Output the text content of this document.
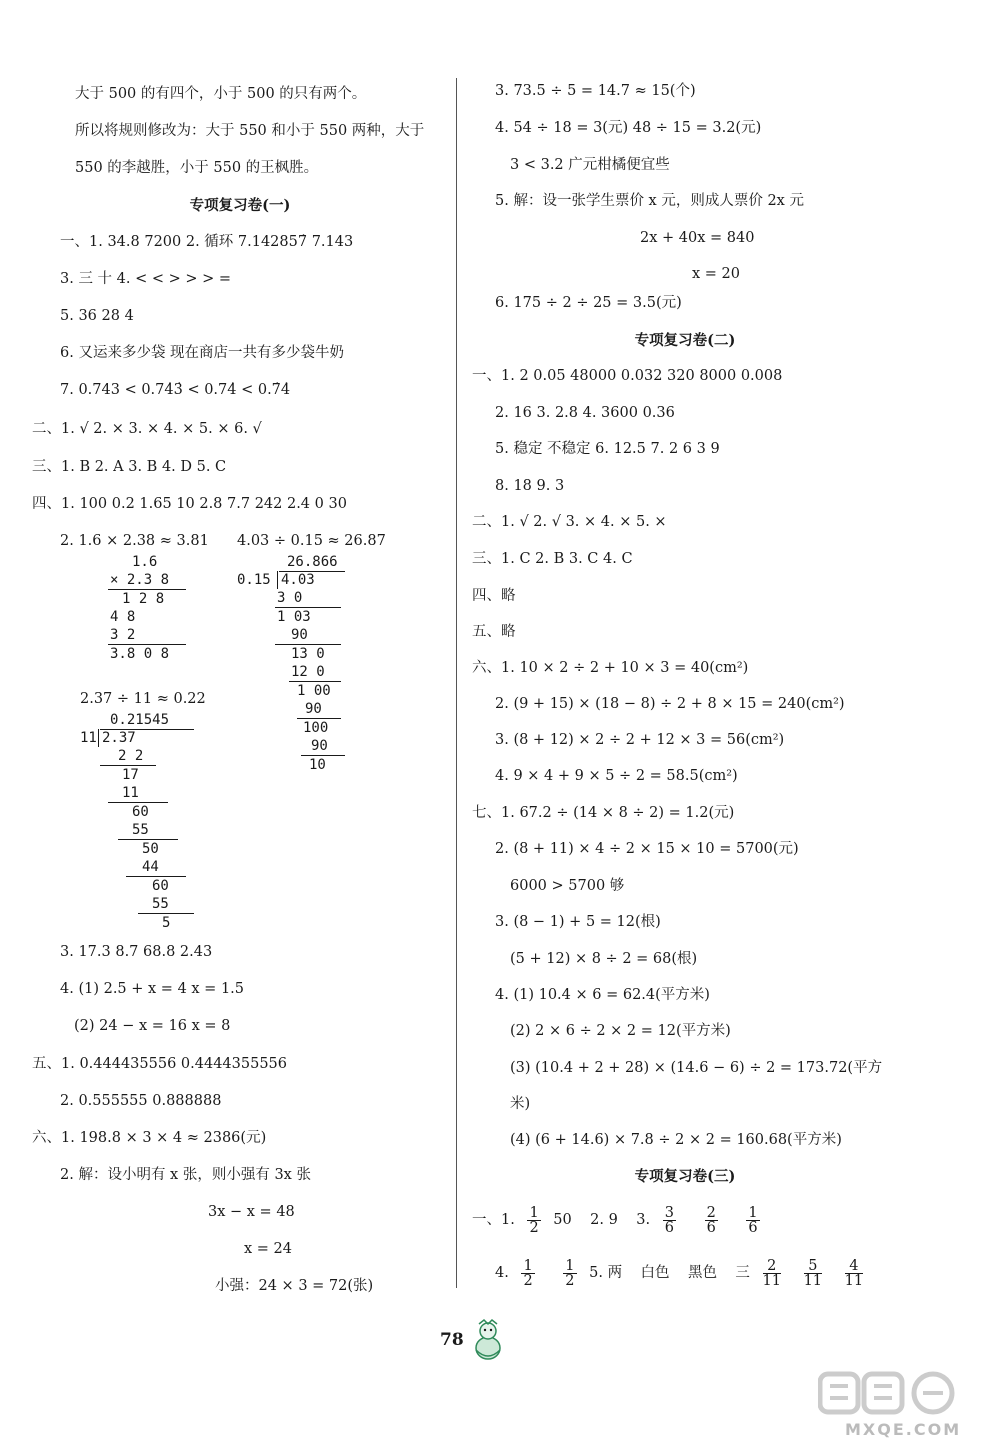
大于 500 的有四个，小于 500 的只有两个。
所以将规则修改为：大于 550 和小于 550 两种，大于
550 的李越胜，小于 550 的王枫胜。
专项复习卷(一)
一、1. 34.8 7200 2. 循环 7.142857̇ 7.143
3. 三 十 4. < < > > > =
5. 36 28 4
6. 又运来多少袋 现在商店一共有多少袋牛奶
7. 0.743 < 0.74̇3̇ < 0.74̇ < 0.7̇4̇
二、1. √ 2. × 3. × 4. × 5. × 6. √
三、1. B 2. A 3. B 4. D 5. C
四、1. 100 0.2 1.65 10 2.8 7.7 242 2.4 0 30
2. 1.6 × 2.38 ≈ 3.81 4.03 ÷ 0.15 ≈ 26.87
1.6
× 2.3 8
1 2 8
4 8
3 2
3.8 0 8
26.866
0.15 4.03
3 0
1 03
90
13 0
12 0
1 00
90
100
90
10
2.37 ÷ 11 ≈ 0.22
0.21545
11 2.37
2 2
17
11
60
55
50
44
60
55
5
3. 17.3 8.7 68.8 2.43
4. (1) 2.5 + x = 4 x = 1.5
(2) 24 − x = 16 x = 8
五、1. 0.444435556 0.4444355556
2. 0.555555 0.888888
六、1. 198.8 × 3 × 4 ≈ 2386(元)
2. 解：设小明有 x 张，则小强有 3x 张
3x − x = 48
x = 24
小强：24 × 3 = 72(张)
3. 73.5 ÷ 5 = 14.7 ≈ 15(个)
4. 54 ÷ 18 = 3(元) 48 ÷ 15 = 3.2(元)
3 < 3.2 广元柑橘便宜些
5. 解：设一张学生票价 x 元，则成人票价 2x 元
2x + 40x = 840
x = 20
6. 175 ÷ 2 ÷ 25 = 3.5(元)
专项复习卷(二)
一、1. 2 0.05 48000 0.032 320 8000 0.008
2. 16 3. 2.8 4. 3600 0.36
5. 稳定 不稳定 6. 12.5 7. 2 6 3 9
8. 18 9. 3
二、1. √ 2. √ 3. × 4. × 5. ×
三、1. C 2. B 3. C 4. C
四、略
五、略
六、1. 10 × 2 ÷ 2 + 10 × 3 = 40(cm²)
2. (9 + 15) × (18 − 8) ÷ 2 + 8 × 15 = 240(cm²)
3. (8 + 12) × 2 ÷ 2 + 12 × 3 = 56(cm²)
4. 9 × 4 + 9 × 5 ÷ 2 = 58.5(cm²)
七、1. 67.2 ÷ (14 × 8 ÷ 2) = 1.2(元)
2. (8 + 11) × 4 ÷ 2 × 15 × 10 = 5700(元)
6000 > 5700 够
3. (8 − 1) + 5 = 12(根)
(5 + 12) × 8 ÷ 2 = 68(根)
4. (1) 10.4 × 6 = 62.4(平方米)
(2) 2 × 6 ÷ 2 × 2 = 12(平方米)
(3) (10.4 + 2 + 28) × (14.6 − 6) ÷ 2 = 173.72(平方
米)
(4) (6 + 14.6) × 7.8 ÷ 2 × 2 = 160.68(平方米)
专项复习卷(三)
一、1. $\frac{1}{2} 50$    2. 9    3. $\frac{3}{6}$
$\frac{2}{6}$
$\frac{1}{6}$
4. $\frac{1}{2}$
$\frac{1}{2} 5$. 两    白色    黑色    三 $\frac{2}{11}$
$\frac{5}{11}$
$\frac{4}{11}$
78
MXQE.COM
